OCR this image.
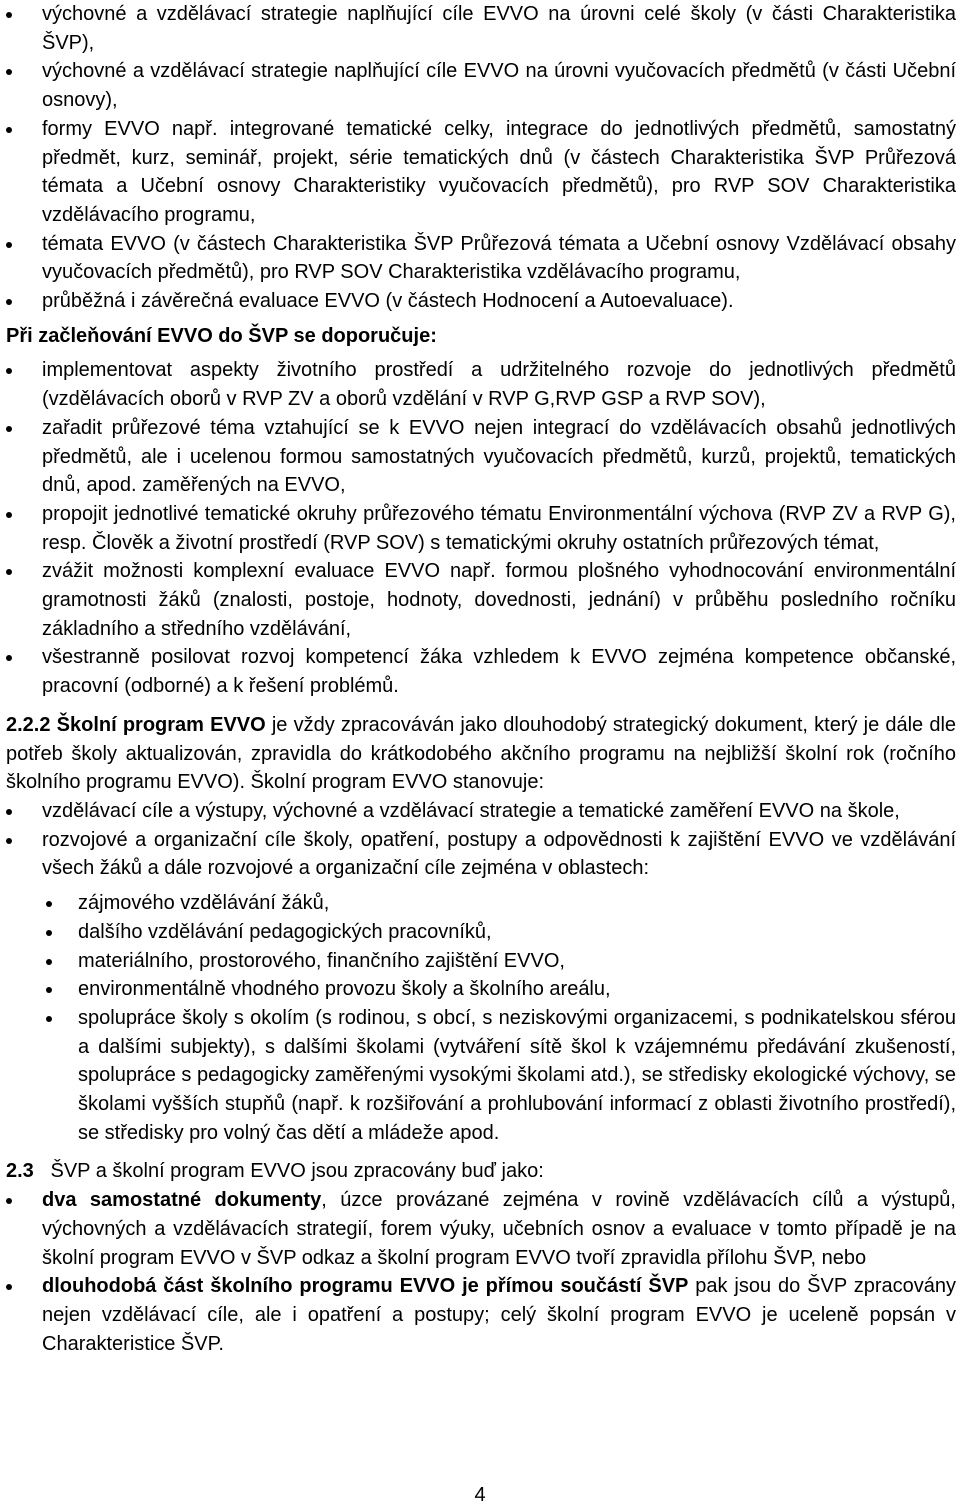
výchovné a vzdělávací strategie naplňující cíle EVVO na úrovni celé školy (v části Charakteristika ŠVP),
výchovné a vzdělávací strategie naplňující cíle EVVO na úrovni vyučovacích předmětů (v části Učební osnovy),
formy EVVO např. integrované tematické celky, integrace do jednotlivých předmětů, samostatný předmět, kurz, seminář, projekt, série tematických dnů (v částech Charakteristika ŠVP Průřezová témata a Učební osnovy Charakteristiky vyučovacích předmětů), pro RVP SOV Charakteristika vzdělávacího programu,
témata EVVO (v částech Charakteristika ŠVP Průřezová témata a Učební osnovy Vzdělávací obsahy vyučovacích předmětů), pro RVP SOV Charakteristika vzdělávacího programu,
průběžná i závěrečná evaluace EVVO (v částech Hodnocení a Autoevaluace).

Při začleňování EVVO do ŠVP se doporučuje:

implementovat aspekty životního prostředí a udržitelného rozvoje do jednotlivých předmětů (vzdělávacích oborů v RVP ZV a oborů vzdělání v RVP G,RVP GSP a RVP SOV),
zařadit průřezové téma vztahující se k EVVO nejen integrací do vzdělávacích obsahů jednotlivých předmětů, ale i ucelenou formou samostatných vyučovacích předmětů, kurzů, projektů, tematických dnů, apod. zaměřených na EVVO,
propojit jednotlivé tematické okruhy průřezového tématu Environmentální výchova (RVP ZV a RVP G), resp. Člověk a životní prostředí (RVP SOV) s tematickými okruhy ostatních průřezových témat,
zvážit možnosti komplexní evaluace EVVO např. formou plošného vyhodnocování environmentální gramotnosti žáků (znalosti, postoje, hodnoty, dovednosti, jednání) v průběhu posledního ročníku základního a středního vzdělávání,
všestranně posilovat rozvoj kompetencí žáka vzhledem k EVVO zejména kompetence občanské, pracovní (odborné) a k řešení problémů.

2.2.2 Školní program EVVO je vždy zpracováván jako dlouhodobý strategický dokument, který je dále dle potřeb školy aktualizován, zpravidla do krátkodobého akčního programu na nejbližší školní rok (ročního školního programu EVVO). Školní program EVVO stanovuje:

vzdělávací cíle a výstupy, výchovné a vzdělávací strategie a tematické zaměření EVVO na škole,
rozvojové a organizační cíle školy, opatření, postupy a odpovědnosti k zajištění EVVO ve vzdělávání všech žáků a dále rozvojové a organizační cíle zejména v oblastech:
zájmového vzdělávání žáků,
dalšího vzdělávání pedagogických pracovníků,
materiálního, prostorového, finančního zajištění EVVO,
environmentálně vhodného provozu školy a školního areálu,
spolupráce školy s okolím (s rodinou, s obcí, s neziskovými organizacemi, s podnikatelskou sférou a dalšími subjekty), s dalšími školami (vytváření sítě škol k vzájemnému předávání zkušeností, spolupráce s pedagogicky zaměřenými vysokými školami atd.), se středisky ekologické výchovy, se školami vyšších stupňů (např. k rozšiřování a prohlubování informací z oblasti životního prostředí), se středisky pro volný čas dětí a mládeže apod.

2.3 ŠVP a školní program EVVO jsou zpracovány buď jako:

dva samostatné dokumenty, úzce provázané zejména v rovině vzdělávacích cílů a výstupů, výchovných a vzdělávacích strategií, forem výuky, učebních osnov a evaluace v tomto případě je na školní program EVVO v ŠVP odkaz a školní program EVVO tvoří zpravidla přílohu ŠVP, nebo
dlouhodobá část školního programu EVVO je přímou součástí ŠVP pak jsou do ŠVP zpracovány nejen vzdělávací cíle, ale i opatření a postupy; celý školní program EVVO je uceleně popsán v Charakteristice ŠVP.
4
